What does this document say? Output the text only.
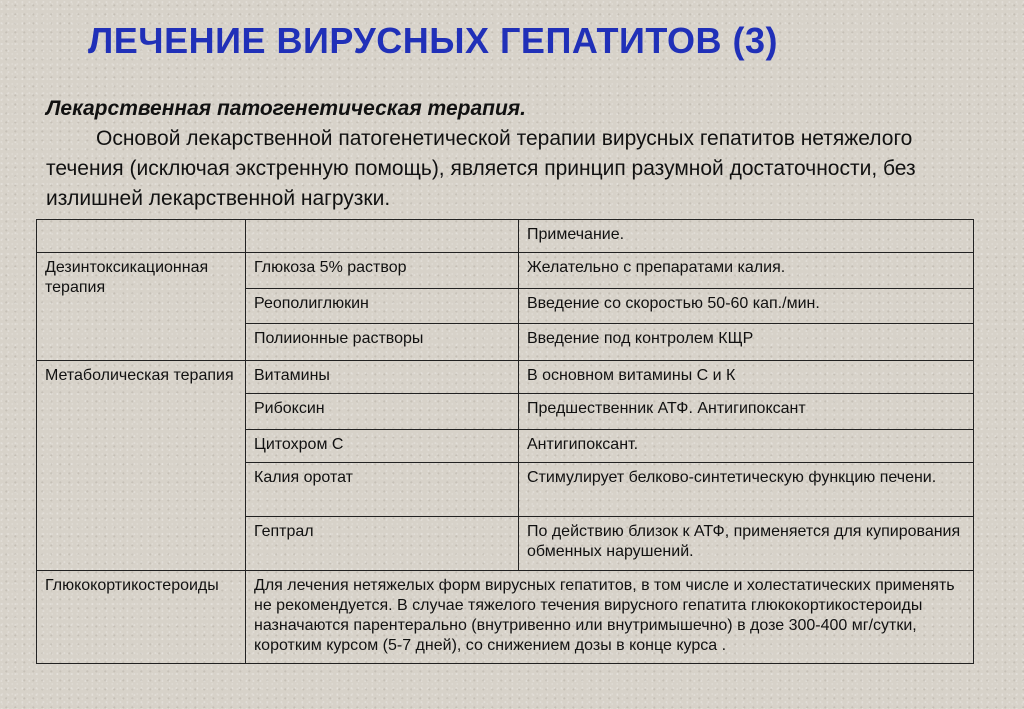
ЛЕЧЕНИЕ ВИРУСНЫХ ГЕПАТИТОВ (3)
Лекарственная патогенетическая терапия.
Основой лекарственной патогенетической терапии вирусных гепатитов нетяжелого течения (исключая экстренную помощь), является принцип разумной достаточности, без излишней лекарственной нагрузки.
		Примечание.
Дезинтоксикационная терапия	Глюкоза 5% раствор	Желательно с препаратами калия.
	Реополиглюкин	Введение со скоростью 50-60 кап./мин.
	Полиионные растворы	Введение под контролем КЩР
Метаболическая терапия	Витамины	В основном витамины С и К
	Рибоксин	Предшественник АТФ. Антигипоксант
	Цитохром С	Антигипоксант.
	Калия оротат	Стимулирует белково-синтетическую функцию печени.
	Гептрал	По действию близок к АТФ, применяется для купирования обменных нарушений.
Глюкокортикостероиды	Для лечения нетяжелых форм вирусных гепатитов, в том числе и холестатических применять не рекомендуется. В случае тяжелого течения вирусного гепатита глюкокортикостероиды назначаются парентерально (внутривенно или внутримышечно) в дозе 300-400 мг/сутки, коротким курсом (5-7 дней), со снижением дозы в конце курса .	
